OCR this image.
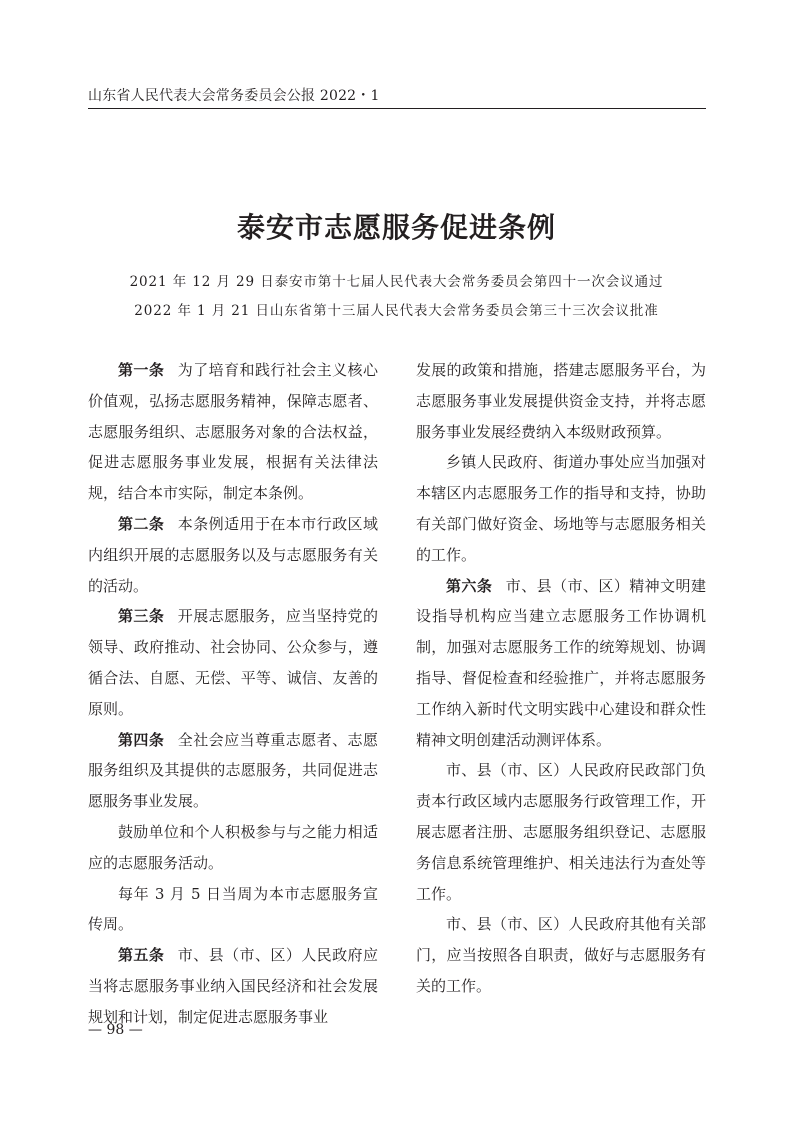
山东省人民代表大会常务委员会公报 2022・1
泰安市志愿服务促进条例
2021 年 12 月 29 日泰安市第十七届人民代表大会常务委员会第四十一次会议通过
2022 年 1 月 21 日山东省第十三届人民代表大会常务委员会第三十三次会议批准

第一条 为了培育和践行社会主义核心价值观，弘扬志愿服务精神，保障志愿者、志愿服务组织、志愿服务对象的合法权益，促进志愿服务事业发展，根据有关法律法规，结合本市实际，制定本条例。

第二条 本条例适用于在本市行政区域内组织开展的志愿服务以及与志愿服务有关的活动。

第三条 开展志愿服务，应当坚持党的领导、政府推动、社会协同、公众参与，遵循合法、自愿、无偿、平等、诚信、友善的原则。

第四条 全社会应当尊重志愿者、志愿服务组织及其提供的志愿服务，共同促进志愿服务事业发展。

鼓励单位和个人积极参与与之能力相适应的志愿服务活动。

每年 3 月 5 日当周为本市志愿服务宣传周。

第五条 市、县（市、区）人民政府应当将志愿服务事业纳入国民经济和社会发展规划和计划，制定促进志愿服务事业

发展的政策和措施，搭建志愿服务平台，为志愿服务事业发展提供资金支持，并将志愿服务事业发展经费纳入本级财政预算。

乡镇人民政府、街道办事处应当加强对本辖区内志愿服务工作的指导和支持，协助有关部门做好资金、场地等与志愿服务相关的工作。

第六条 市、县（市、区）精神文明建设指导机构应当建立志愿服务工作协调机制，加强对志愿服务工作的统筹规划、协调指导、督促检查和经验推广，并将志愿服务工作纳入新时代文明实践中心建设和群众性精神文明创建活动测评体系。

市、县（市、区）人民政府民政部门负责本行政区域内志愿服务行政管理工作，开展志愿者注册、志愿服务组织登记、志愿服务信息系统管理维护、相关违法行为查处等工作。

市、县（市、区）人民政府其他有关部门，应当按照各自职责，做好与志愿服务有关的工作。

— 98 —
